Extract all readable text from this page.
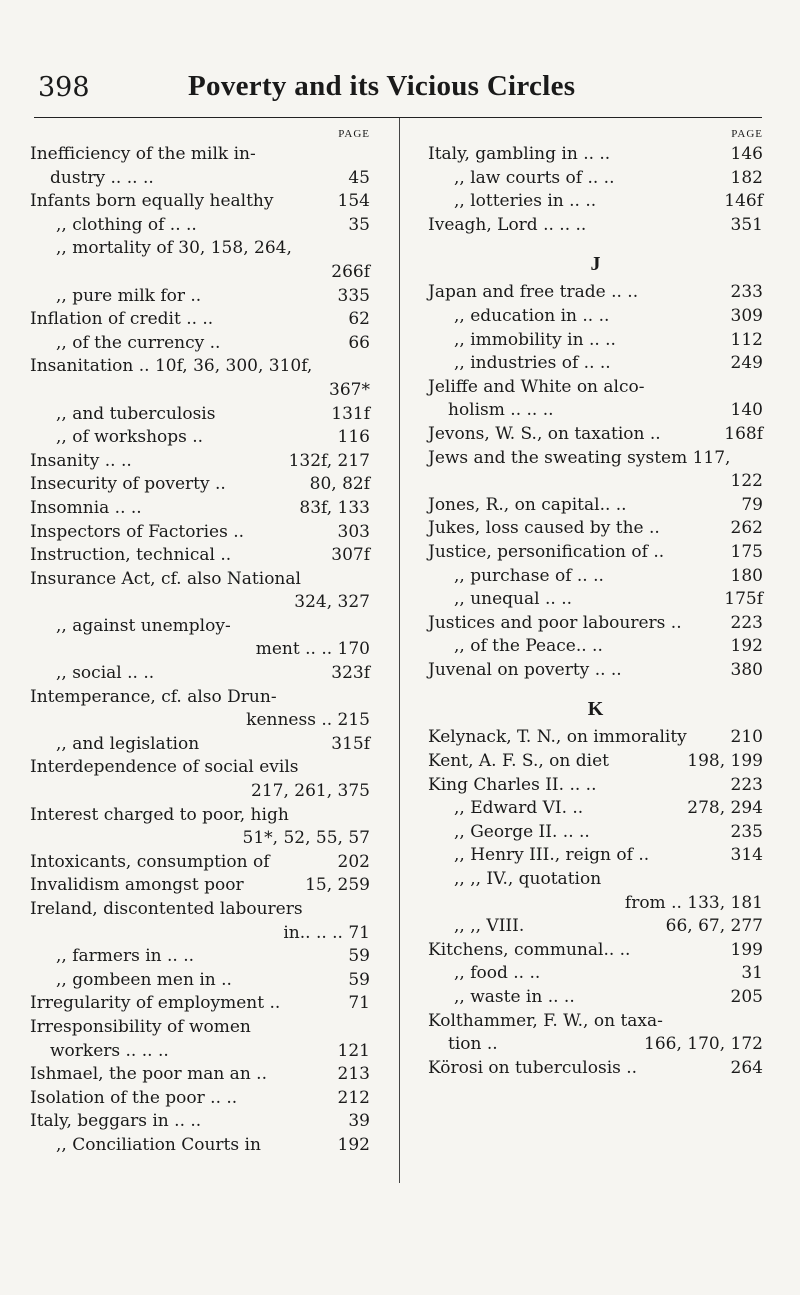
398	Poverty and its Vicious Circles
PAGE
Inefficiency of the milk in-
dustry .. .. ..	45
Infants born equally healthy	154
,, clothing of .. ..	35
,, mortality of 30, 158, 264,
266f
,, pure milk for ..	335
Inflation of credit .. ..	62
,, of the currency ..	66
Insanitation .. 10f, 36, 300, 310f,
367*
,, and tuberculosis	131f
,, of workshops ..	116
Insanity .. ..	132f, 217
Insecurity of poverty ..	80, 82f
Insomnia .. ..	83f, 133
Inspectors of Factories ..	303
Instruction, technical ..	307f
Insurance Act, cf. also National
324, 327
,, against unemploy-
ment .. .. 170
,, social .. ..	323f
Intemperance, cf. also Drun-
kenness .. 215
,, and legislation	315f
Interdependence of social evils
217, 261, 375
Interest charged to poor, high
51*, 52, 55, 57
Intoxicants, consumption of	202
Invalidism amongst poor	15, 259
Ireland, discontented labourers
in.. .. .. 71
,, farmers in .. ..	59
,, gombeen men in ..	59
Irregularity of employment ..	71
Irresponsibility of women
workers .. .. ..	121
Ishmael, the poor man an ..	213
Isolation of the poor .. ..	212
Italy, beggars in .. ..	39
,, Conciliation Courts in	192
PAGE
Italy, gambling in .. ..	146
,, law courts of .. ..	182
,, lotteries in .. ..	146f
Iveagh, Lord .. .. ..	351
J
Japan and free trade .. ..	233
,, education in .. ..	309
,, immobility in .. ..	112
,, industries of .. ..	249
Jeliffe and White on alco-
holism .. .. ..	140
Jevons, W. S., on taxation ..	168f
Jews and the sweating system 117,
122
Jones, R., on capital.. ..	79
Jukes, loss caused by the ..	262
Justice, personification of ..	175
,, purchase of .. ..	180
,, unequal .. ..	175f
Justices and poor labourers ..	223
,, of the Peace.. ..	192
Juvenal on poverty .. ..	380
K
Kelynack, T. N., on immorality	210
Kent, A. F. S., on diet	198, 199
King Charles II. .. ..	223
,, Edward VI. ..	278, 294
,, George II. .. ..	235
,, Henry III., reign of ..	314
,, ,, IV., quotation
from .. 133, 181
,, ,, VIII.	66, 67, 277
Kitchens, communal.. ..	199
,, food .. ..	31
,, waste in .. ..	205
Kolthammer, F. W., on taxa-
tion ..	166, 170, 172
Körosi on tuberculosis ..	264
